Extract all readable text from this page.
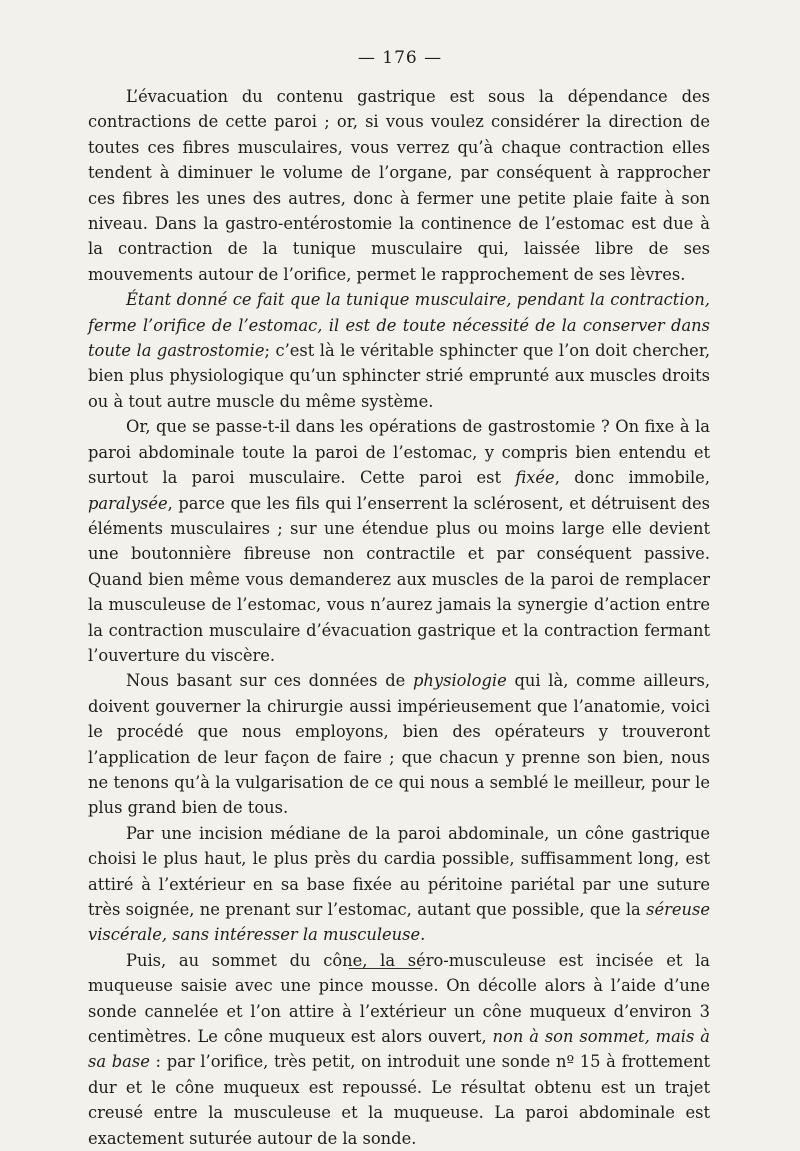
— 176 —

L’évacuation du contenu gastrique est sous la dépendance des contractions de cette paroi ; or, si vous voulez considérer la direction de toutes ces fibres musculaires, vous verrez qu’à chaque contraction elles tendent à diminuer le volume de l’organe, par conséquent à rapprocher ces fibres les unes des autres, donc à fermer une petite plaie faite à son niveau. Dans la gastro-entérostomie la continence de l’estomac est due à la contraction de la tunique musculaire qui, laissée libre de ses mouvements autour de l’orifice, permet le rapprochement de ses lèvres.

Étant donné ce fait que la tunique musculaire, pendant la contraction, ferme l’orifice de l’estomac, il est de toute nécessité de la conserver dans toute la gastrostomie; c’est là le véritable sphincter que l’on doit chercher, bien plus physiologique qu’un sphincter strié emprunté aux muscles droits ou à tout autre muscle du même système.

Or, que se passe-t-il dans les opérations de gastrostomie ? On fixe à la paroi abdominale toute la paroi de l’estomac, y compris bien entendu et surtout la paroi musculaire. Cette paroi est fixée, donc immobile, paralysée, parce que les fils qui l’enserrent la sclérosent, et détruisent des éléments musculaires ; sur une étendue plus ou moins large elle devient une boutonnière fibreuse non contractile et par conséquent passive. Quand bien même vous demanderez aux muscles de la paroi de remplacer la musculeuse de l’estomac, vous n’aurez jamais la synergie d’action entre la contraction musculaire d’évacuation gastrique et la contraction fermant l’ouverture du viscère.

Nous basant sur ces données de physiologie qui là, comme ailleurs, doivent gouverner la chirurgie aussi impérieusement que l’anatomie, voici le procédé que nous employons, bien des opérateurs y trouveront l’application de leur façon de faire ; que chacun y prenne son bien, nous ne tenons qu’à la vulgarisation de ce qui nous a semblé le meilleur, pour le plus grand bien de tous.

Par une incision médiane de la paroi abdominale, un cône gastrique choisi le plus haut, le plus près du cardia possible, suffisamment long, est attiré à l’extérieur en sa base fixée au péritoine pariétal par une suture très soignée, ne prenant sur l’estomac, autant que possible, que la séreuse viscérale, sans intéresser la musculeuse.

Puis, au sommet du cône, la séro-musculeuse est incisée et la muqueuse saisie avec une pince mousse. On décolle alors à l’aide d’une sonde cannelée et l’on attire à l’extérieur un cône muqueux d’environ 3 centimètres. Le cône muqueux est alors ouvert, non à son sommet, mais à sa base : par l’orifice, très petit, on introduit une sonde nº 15 à frottement dur et le cône muqueux est repoussé. Le résultat obtenu est un trajet creusé entre la musculeuse et la muqueuse. La paroi abdominale est exactement suturée autour de la sonde.
